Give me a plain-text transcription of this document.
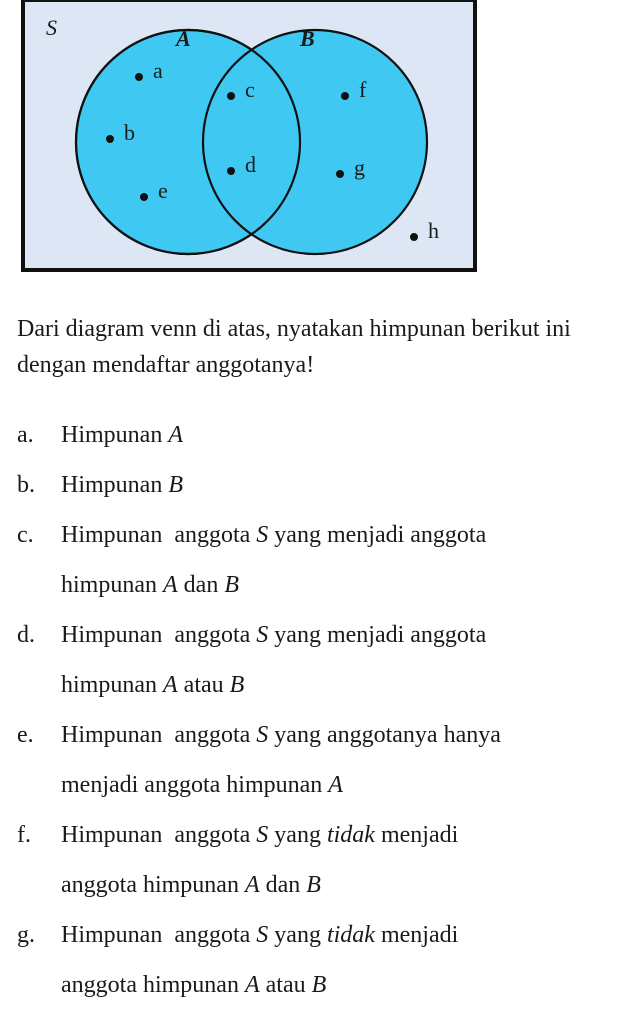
S	A	B
a
b
e
c
d
f
g
h

Dari diagram venn di atas, nyatakan himpunan berikut ini dengan mendaftar anggotanya!

a. Himpunan A
b. Himpunan B
c. Himpunan  anggota S yang menjadi anggota
himpunan A dan B
d. Himpunan  anggota S yang menjadi anggota
himpunan A atau B
e. Himpunan  anggota S yang anggotanya hanya
menjadi anggota himpunan A
f. Himpunan  anggota S yang tidak menjadi
anggota himpunan A dan B
g. Himpunan  anggota S yang tidak menjadi
anggota himpunan A atau B
